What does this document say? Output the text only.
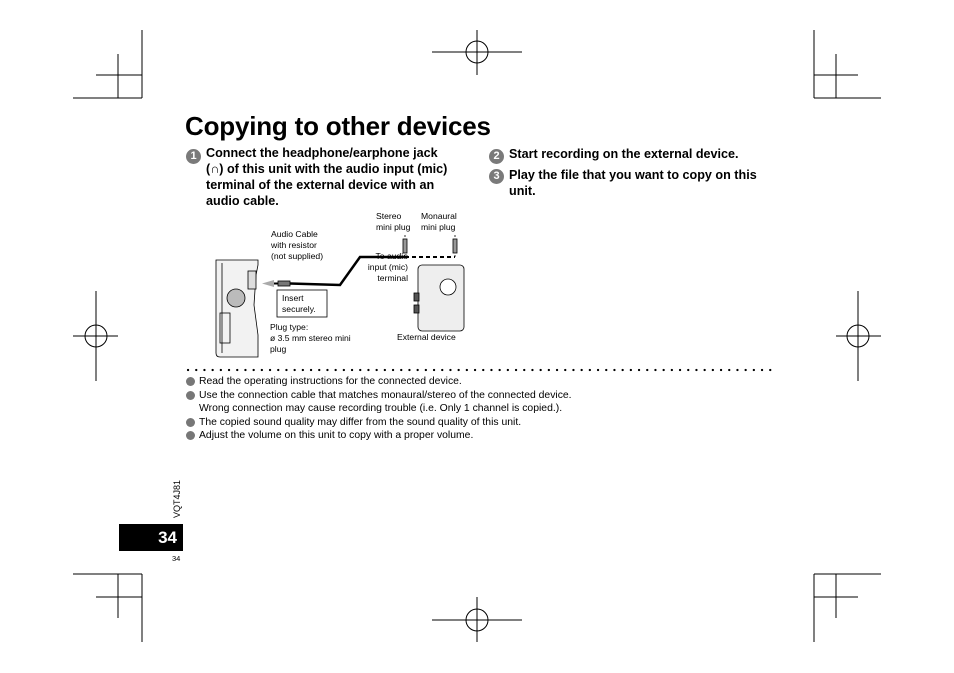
Copying to other devices
1 Connect the headphone/earphone jack
(∩) of this unit with the audio input (mic)
terminal of the external device with an
audio cable.
2 Start recording on the external device.
3 Play the file that you want to copy on this
unit.
Audio Cable
with resistor
(not supplied)
Stereo
mini plug
Monaural
mini plug
To audio
input (mic)
terminal
Insert
securely.
Plug type:
ø 3.5 mm stereo mini
plug
External device
Read the operating instructions for the connected device.
Use the connection cable that matches monaural/stereo of the connected device.
Wrong connection may cause recording trouble (i.e. Only 1 channel is copied.).
The copied sound quality may differ from the sound quality of this unit.
Adjust the volume on this unit to copy with a proper volume.
VQT4J81
34
34
